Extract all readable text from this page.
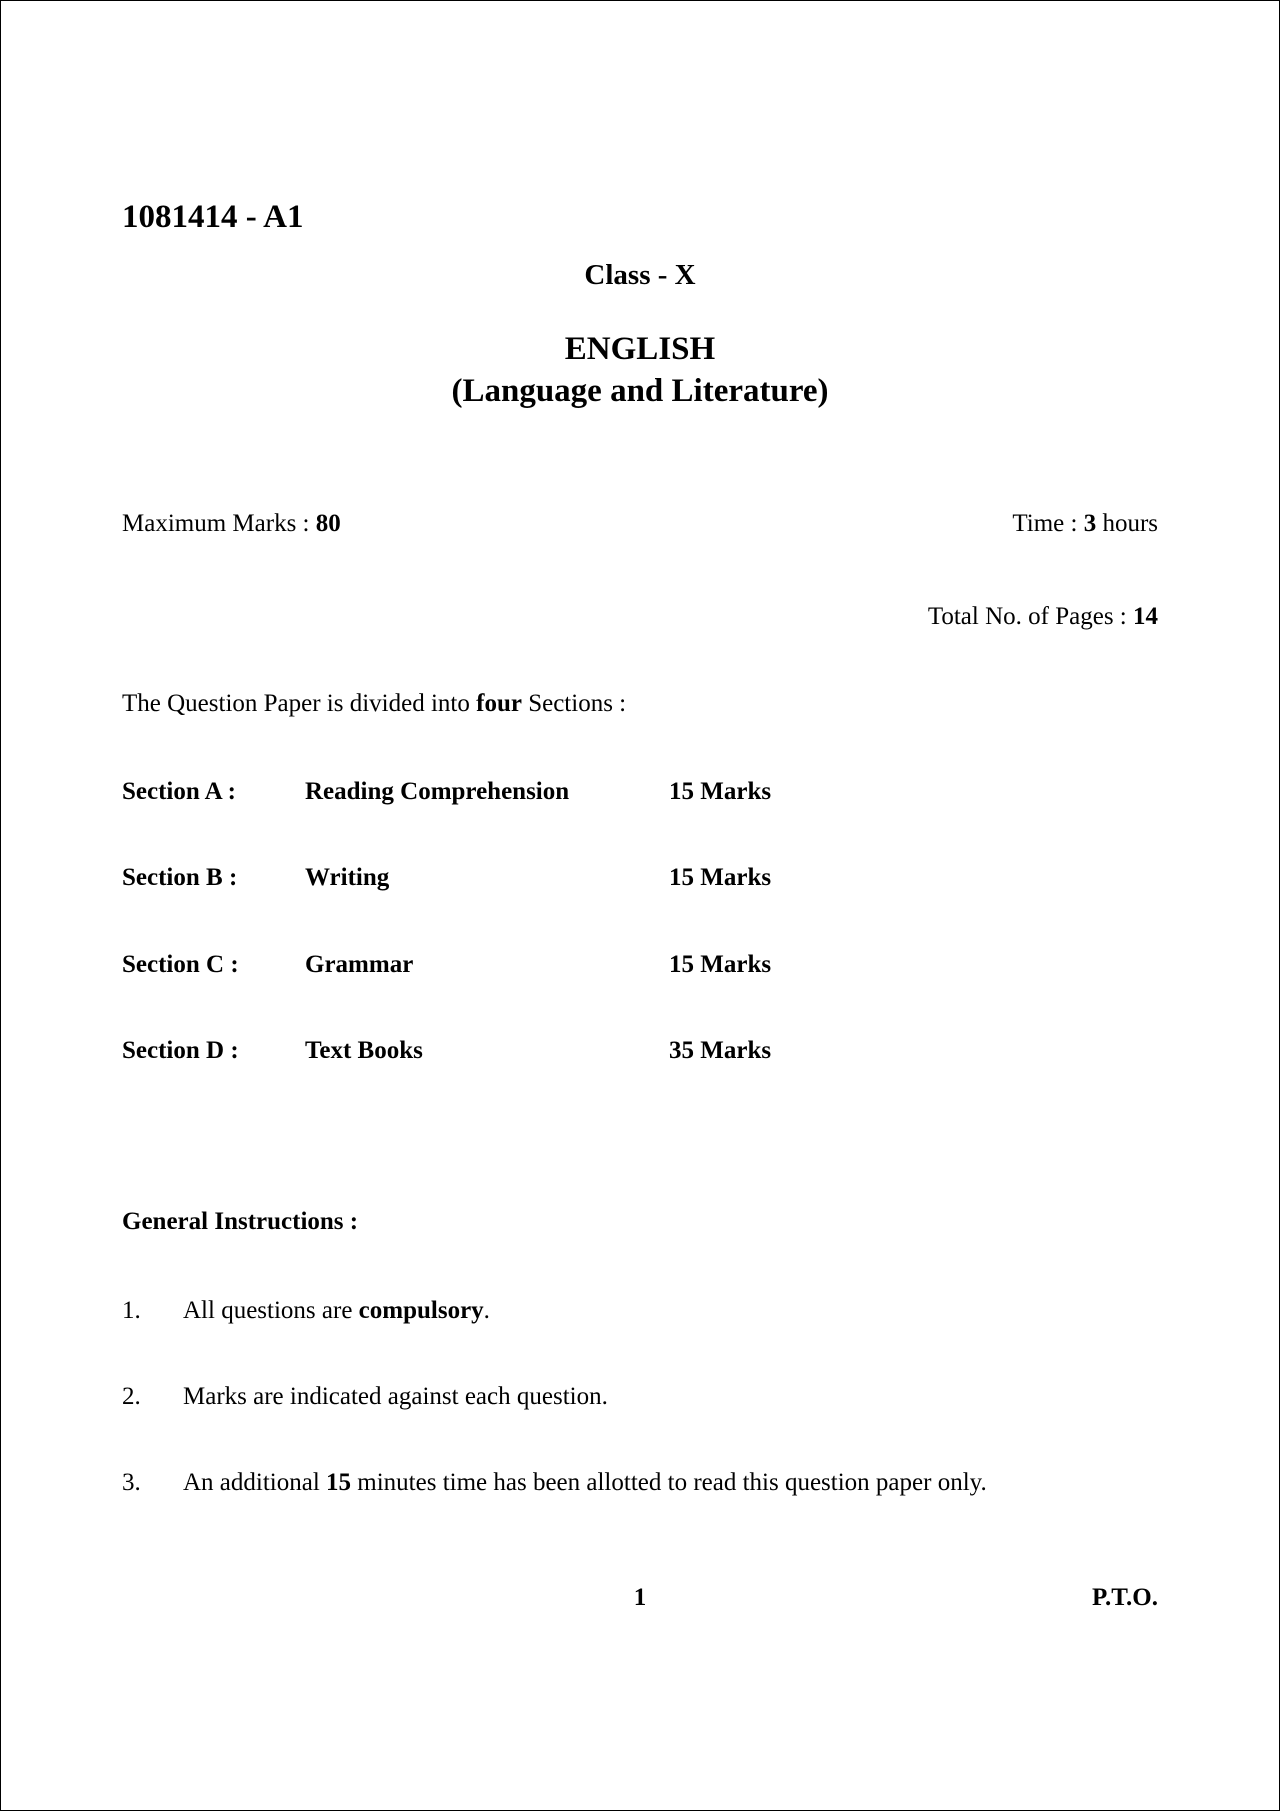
1081414 - A1
Class - X
ENGLISH
(Language and Literature)
Maximum Marks : 80	Time : 3 hours
Total No. of Pages : 14
The Question Paper is divided into four Sections :
Section A :	Reading Comprehension	15 Marks
Section B :	Writing	15 Marks
Section C :	Grammar	15 Marks
Section D :	Text Books	35 Marks
General Instructions :
1. All questions are compulsory.
2. Marks are indicated against each question.
3. An additional 15 minutes time has been allotted to read this question paper only.
1	P.T.O.
